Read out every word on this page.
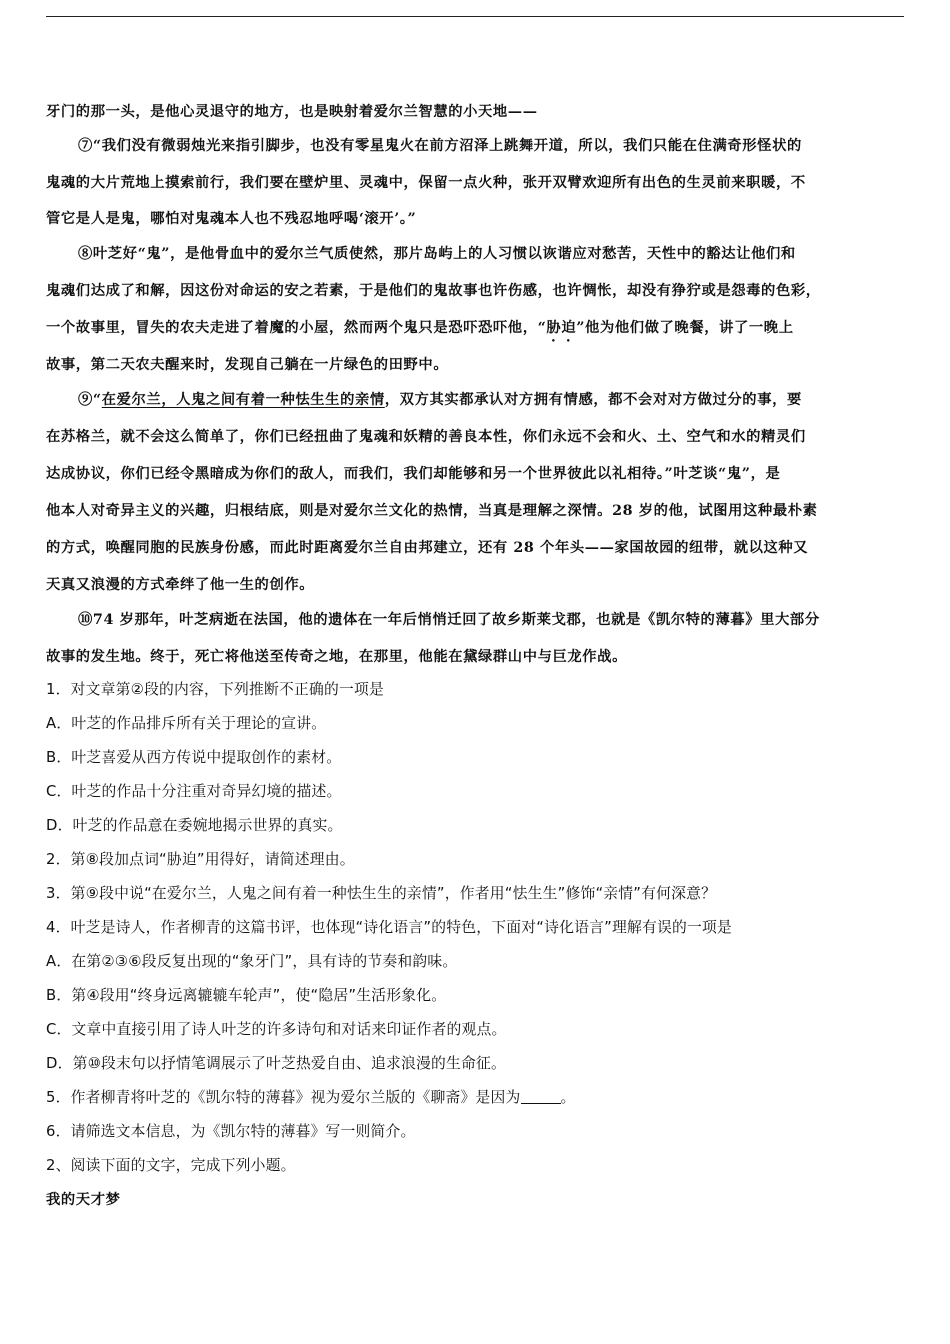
牙门的那一头，是他心灵退守的地方，也是映射着爱尔兰智慧的小天地——
⑦“我们没有微弱烛光来指引脚步，也没有零星鬼火在前方沼泽上跳舞开道，所以，我们只能在住满奇形怪状的
鬼魂的大片荒地上摸索前行，我们要在壁炉里、灵魂中，保留一点火种，张开双臂欢迎所有出色的生灵前来职暖，不
管它是人是鬼，哪怕对鬼魂本人也不残忍地呼喝‘滚开’。”
⑧叶芝好“鬼”，是他骨血中的爱尔兰气质使然，那片岛屿上的人习惯以诙谐应对愁苦，天性中的豁达让他们和
鬼魂们达成了和解，因这份对命运的安之若素，于是他们的鬼故事也许伤感，也许惆怅，却没有狰狞或是怨毒的色彩，
一个故事里，冒失的农夫走进了着魔的小屋，然而两个鬼只是恐吓恐吓他，“胁迫”他为他们做了晚餐，讲了一晚上
故事，第二天农夫醒来时，发现自己躺在一片绿色的田野中。
⑨“在爱尔兰，人鬼之间有着一种怯生生的亲情，双方其实都承认对方拥有情感，都不会对对方做过分的事，要
在苏格兰，就不会这么简单了，你们已经扭曲了鬼魂和妖精的善良本性，你们永远不会和火、土、空气和水的精灵们
达成协议，你们已经令黑暗成为你们的敌人，而我们，我们却能够和另一个世界彼此以礼相待。”叶芝谈“鬼”，是
他本人对奇异主义的兴趣，归根结底，则是对爱尔兰文化的热情，当真是理解之深情。28 岁的他，试图用这种最朴素
的方式，唤醒同胞的民族身份感，而此时距离爱尔兰自由邦建立，还有 28 个年头——家国故园的纽带，就以这种又
天真又浪漫的方式牵绊了他一生的创作。
⑩74 岁那年，叶芝病逝在法国，他的遗体在一年后悄悄迁回了故乡斯莱戈郡，也就是《凯尔特的薄暮》里大部分
故事的发生地。终于，死亡将他送至传奇之地，在那里，他能在黛绿群山中与巨龙作战。
1．对文章第②段的内容，下列推断不正确的一项是
A．叶芝的作品排斥所有关于理论的宣讲。
B．叶芝喜爱从西方传说中提取创作的素材。
C．叶芝的作品十分注重对奇异幻境的描述。
D．叶芝的作品意在委婉地揭示世界的真实。
2．第⑧段加点词“胁迫”用得好，请简述理由。
3．第⑨段中说“在爱尔兰，人鬼之间有着一种怯生生的亲情”，作者用“怯生生”修饰“亲情”有何深意？
4．叶芝是诗人，作者柳青的这篇书评，也体现“诗化语言”的特色，下面对“诗化语言”理解有误的一项是
A．在第②③⑥段反复出现的“象牙门”，具有诗的节奏和韵味。
B．第④段用“终身远离辘辘车轮声”，使“隐居”生活形象化。
C．文章中直接引用了诗人叶芝的许多诗句和对话来印证作者的观点。
D．第⑩段末句以抒情笔调展示了叶芝热爱自由、追求浪漫的生命征。
5．作者柳青将叶芝的《凯尔特的薄暮》视为爱尔兰版的《聊斋》是因为	。
6．请筛选文本信息，为《凯尔特的薄暮》写一则简介。
2、阅读下面的文字，完成下列小题。
我的天才梦
